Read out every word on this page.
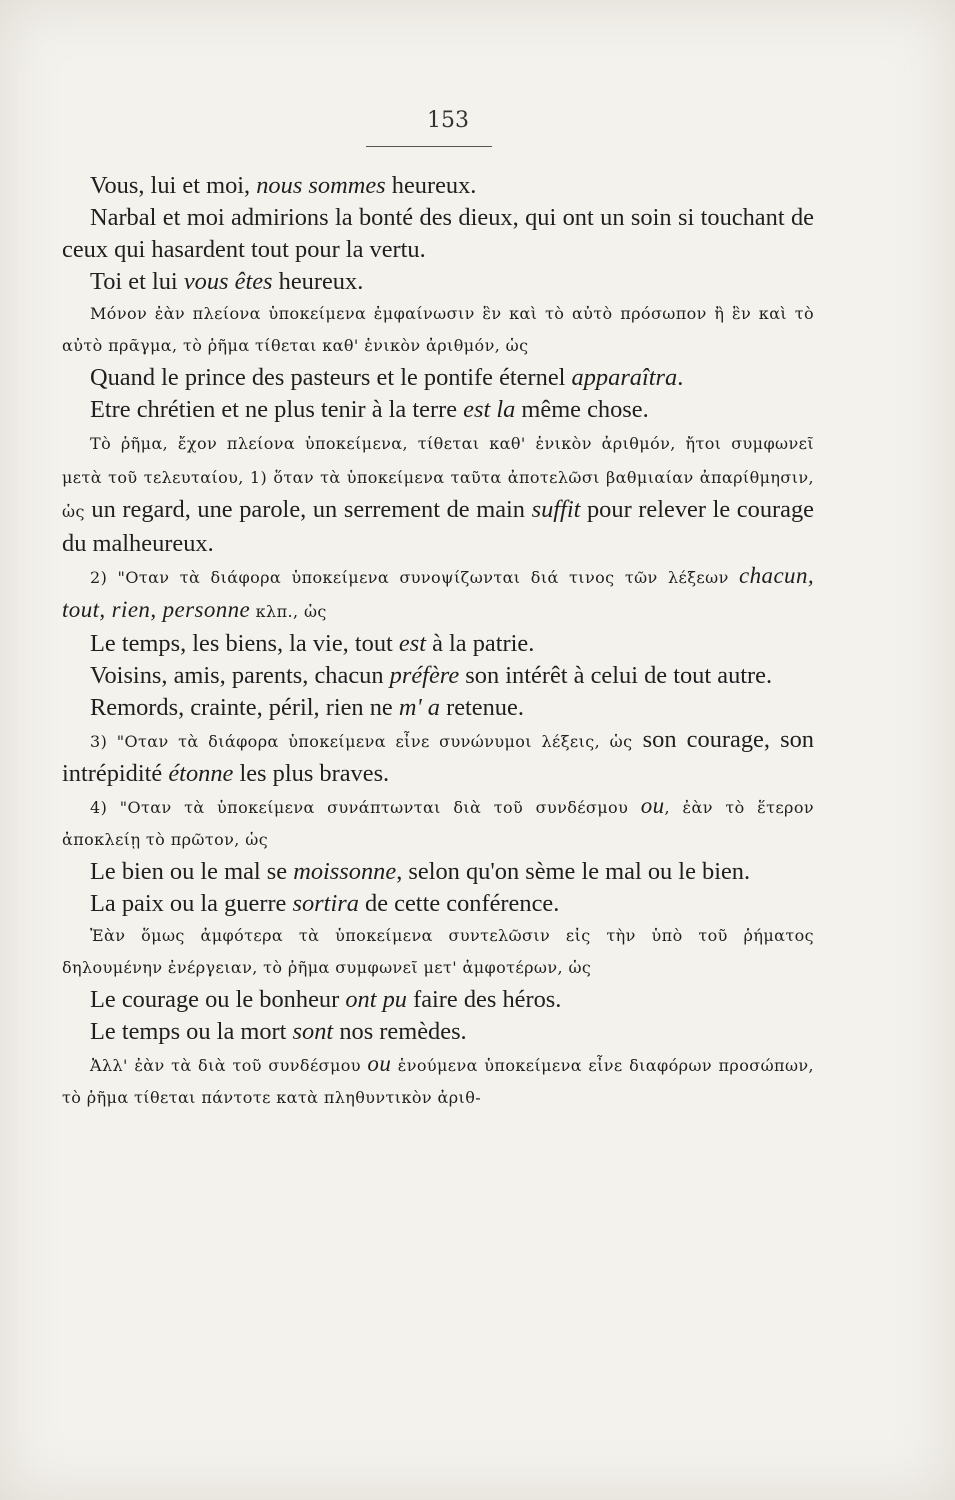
153

Vous, lui et moi, nous sommes heureux.

Narbal et moi admirions la bonté des dieux, qui ont un soin si touchant de ceux qui hasardent tout pour la vertu.

Toi et lui vous êtes heureux.

Μόνον ἐὰν πλείονα ὑποκείμενα ἐμφαίνωσιν ἓν καὶ τὸ αὐτὸ πρόσωπον ἢ ἓν καὶ τὸ αὐτὸ πρᾶγμα, τὸ ῥῆμα τίθεται καθ' ἑνικὸν ἀριθμόν, ὡς

Quand le prince des pasteurs et le pontife éternel apparaîtra.

Etre chrétien et ne plus tenir à la terre est la même chose.

Τὸ ῥῆμα, ἔχον πλείονα ὑποκείμενα, τίθεται καθ' ἑνικὸν ἀριθμόν, ἤτοι συμφωνεῖ μετὰ τοῦ τελευταίου, 1) ὅταν τὰ ὑποκείμενα ταῦτα ἀποτελῶσι βαθμιαίαν ἀπαρίθμησιν, ὡς un regard, une parole, un serrement de main suffit pour relever le courage du malheureux.

2) "Οταν τὰ διάφορα ὑποκείμενα συνοψίζωνται διά τινος τῶν λέξεων chacun, tout, rien, personne κλπ., ὡς

Le temps, les biens, la vie, tout est à la patrie.

Voisins, amis, parents, chacun préfère son intérêt à celui de tout autre.

Remords, crainte, péril, rien ne m' a retenue.

3) "Οταν τὰ διάφορα ὑποκείμενα εἶνε συνώνυμοι λέξεις, ὡς son courage, son intrépidité étonne les plus braves.

4) "Οταν τὰ ὑποκείμενα συνάπτωνται διὰ τοῦ συνδέσμου ou, ἐὰν τὸ ἕτερον ἀποκλείῃ τὸ πρῶτον, ὡς

Le bien ou le mal se moissonne, selon qu'on sème le mal ou le bien.

La paix ou la guerre sortira de cette conférence.

Ἐὰν ὅμως ἀμφότερα τὰ ὑποκείμενα συντελῶσιν εἰς τὴν ὑπὸ τοῦ ῥήματος δηλουμένην ἐνέργειαν, τὸ ῥῆμα συμφωνεῖ μετ' ἀμφοτέρων, ὡς

Le courage ou le bonheur ont pu faire des héros.

Le temps ou la mort sont nos remèdes.

Ἀλλ' ἐὰν τὰ διὰ τοῦ συνδέσμου ou ἑνούμενα ὑποκείμενα εἶνε διαφόρων προσώπων, τὸ ῥῆμα τίθεται πάντοτε κατὰ πληθυντικὸν ἀριθ-
